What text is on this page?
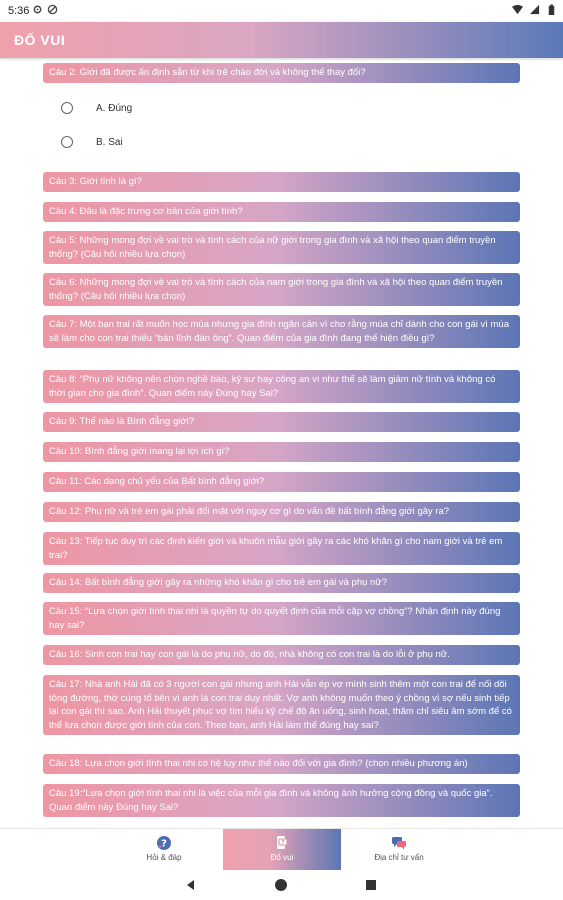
5:36
ĐỐ VUI
Câu 2: Giới đã được ấn định sẵn từ khi trẻ chào đời và không thể thay đổi?
A. Đúng
B. Sai
Câu 3: Giới tính là gì?
Câu 4: Đâu là đặc trưng cơ bản của giới tính?
Câu 5: Những mong đợi về vai trò và tính cách của nữ giới trong gia đình và xã hội theo quan điểm truyền thống? (Câu hỏi nhiều lựa chọn)
Câu 6: Những mong đợi về vai trò và tính cách của nam giới trong gia đình và xã hội theo quan điểm truyền thống? (Câu hỏi nhiều lựa chọn)
Câu 7: Một bạn trai rất muốn học múa nhưng gia đình ngăn cản vì cho rằng múa chỉ dành cho con gái vì múa sẽ làm cho con trai thiếu “bản lĩnh đàn ông”. Quan điểm của gia đình đang thể hiện điều gì?
Câu 8: “Phụ nữ không nên chọn nghề báo, kỹ sư hay công an vì như thế sẽ làm giảm nữ tính và không có thời gian cho gia đình”. Quan điểm này Đúng hay Sai?
Câu 9: Thế nào là Bình đẳng giới?
Câu 10: Bình đẳng giới mang lại lợi ích gì?
Câu 11: Các dạng chủ yếu của Bất bình đẳng giới?
Câu 12: Phụ nữ và trẻ em gái phải đối mặt với nguy cơ gì do vấn đề bất bình đẳng giới gây ra?
Câu 13: Tiếp tục duy trì các định kiến giới và khuôn mẫu giới gây ra các khó khăn gì cho nam giới và trẻ em trai?
Câu 14: Bất bình đẳng giới gây ra những khó khăn gì cho trẻ em gái và phụ nữ?
Câu 15: “Lựa chọn giới tính thai nhi là quyền tự do quyết định của mỗi cặp vợ chồng”? Nhận định này đúng hay sai?
Câu 16: Sinh con trai hay con gái là do phụ nữ, do đó, nhà không có con trai là do lỗi ở phụ nữ.
Câu 17: Nhà anh Hải đã có 3 người con gái nhưng anh Hải vẫn ép vợ mình sinh thêm một con trai để nối dõi tông đường, thờ cúng tổ tiên vì anh là con trai duy nhất. Vợ anh không muốn theo ý chồng vì sợ nếu sinh tiếp lại con gái thì sao. Anh Hải thuyết phục vợ tìm hiểu kỹ chế độ ăn uống, sinh hoạt, thăm chỉ siêu âm sớm để có thể lựa chọn được giới tính của con. Theo bạn, anh Hải làm thế đúng hay sai?
Câu 18: Lựa chọn giới tính thai nhi có hệ lụy như thế nào đối với gia đình? (chọn nhiều phương án)
Câu 19:“Lựa chọn giới tính thai nhi là việc của mỗi gia đình và không ảnh hưởng cộng đồng và quốc gia”. Quan điểm này Đúng hay Sai?
?
Hỏi & đáp
?
Đố vui	Địa chỉ tư vấn
